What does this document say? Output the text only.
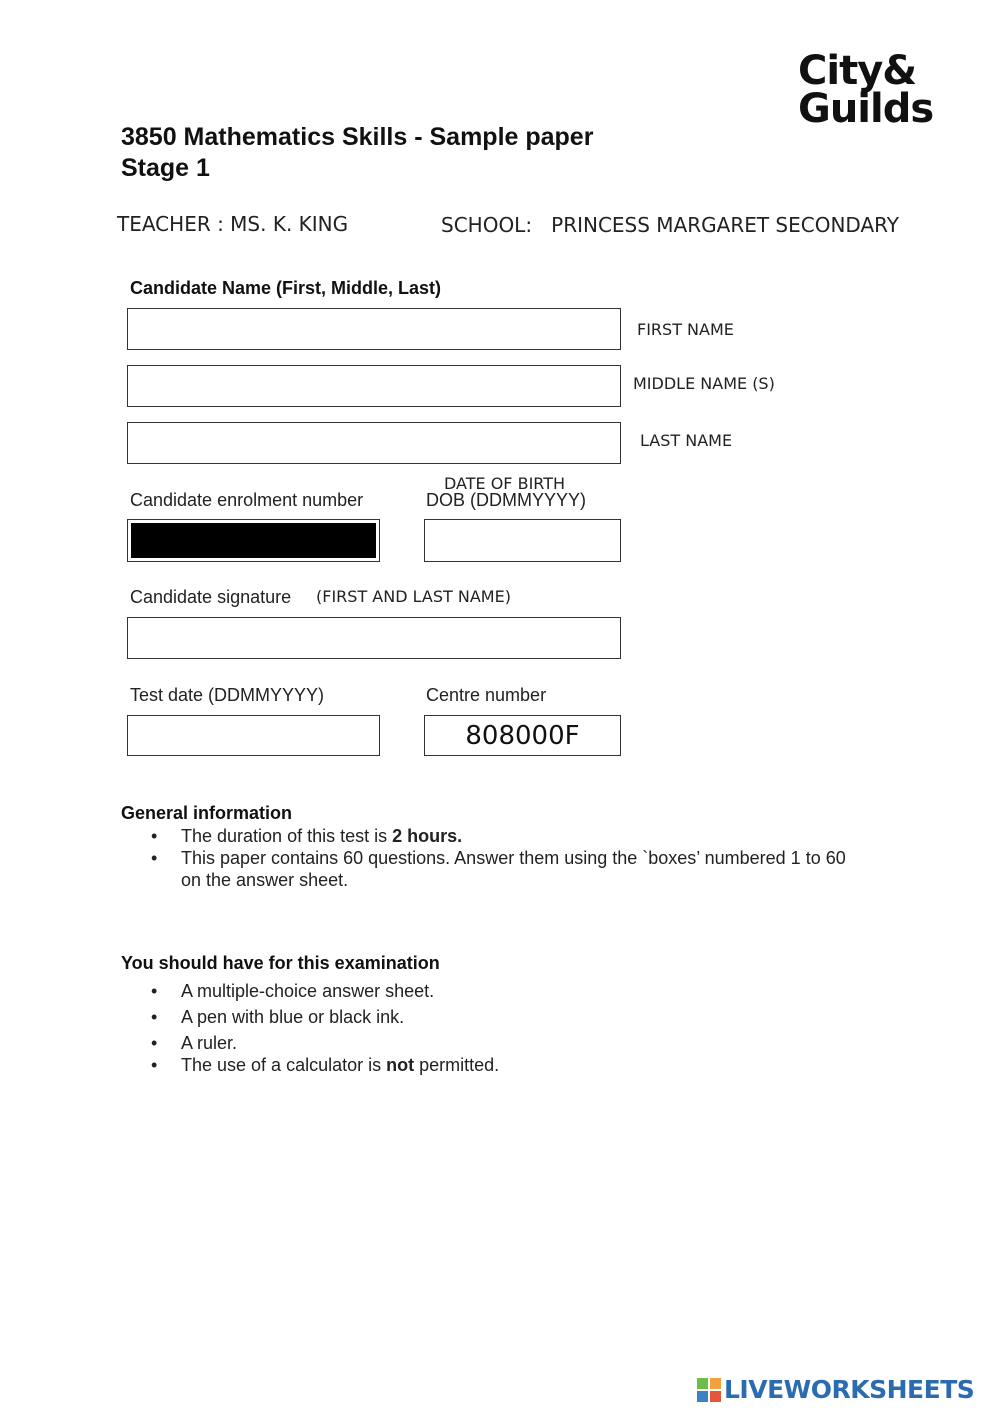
City&
Guilds
3850 Mathematics Skills - Sample paper
Stage 1
TEACHER : MS. K. KING	SCHOOL:   PRINCESS MARGARET SECONDARY
Candidate Name (First, Middle, Last)
FIRST NAME
MIDDLE NAME (S)
LAST NAME
Candidate enrolment number
DATE OF BIRTH
DOB (DDMMYYYY)
Candidate signature (FIRST AND LAST NAME)
Test date (DDMMYYYY)	Centre number
808000F
General information
• The duration of this test is 2 hours.
• This paper contains 60 questions. Answer them using the `boxes’ numbered 1 to 60
on the answer sheet.
You should have for this examination
• A multiple-choice answer sheet.
• A pen with blue or black ink.
• A ruler.
• The use of a calculator is not permitted.
LIVEWORKSHEETS
